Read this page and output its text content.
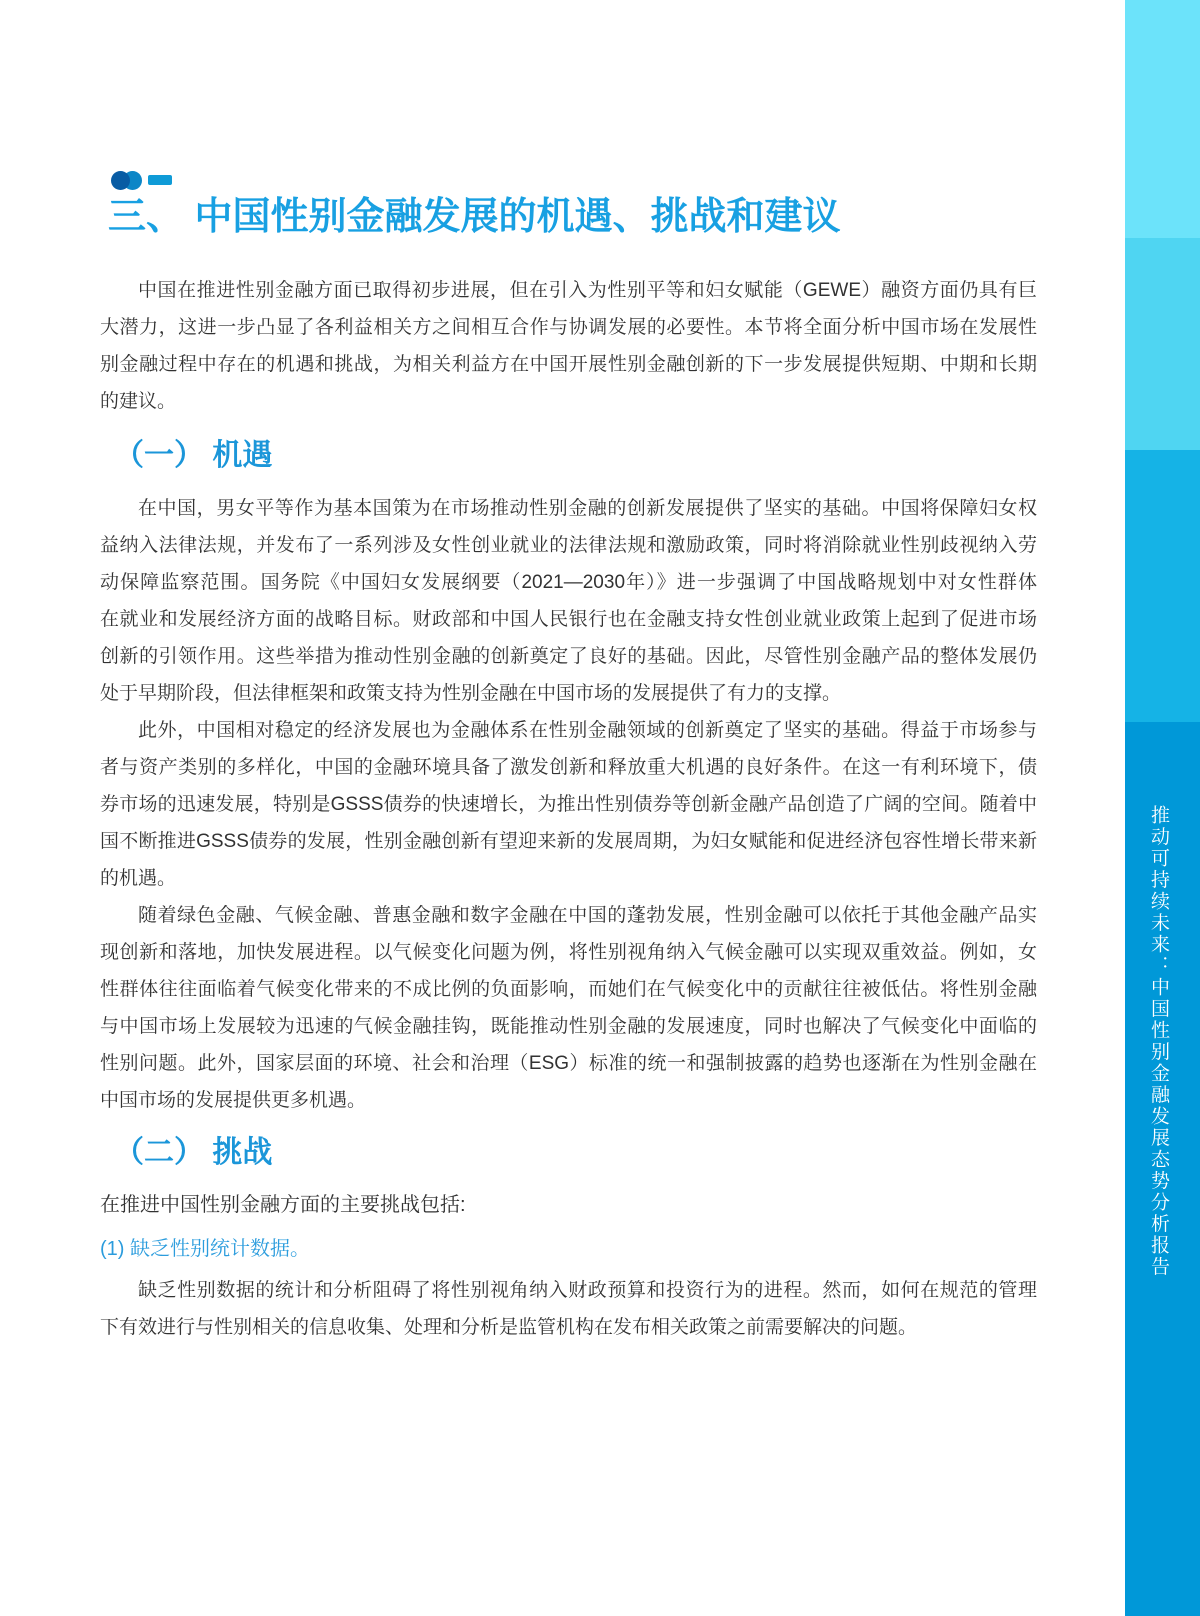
三、 中国性别金融发展的机遇、挑战和建议
中国在推进性别金融方面已取得初步进展，但在引入为性别平等和妇女赋能（GEWE）融资方面仍具有巨
大潜力，这进一步凸显了各利益相关方之间相互合作与协调发展的必要性。本节将全面分析中国市场在发展性
别金融过程中存在的机遇和挑战，为相关利益方在中国开展性别金融创新的下一步发展提供短期、中期和长期
的建议。
（一） 机遇
在中国，男女平等作为基本国策为在市场推动性别金融的创新发展提供了坚实的基础。中国将保障妇女权
益纳入法律法规，并发布了一系列涉及女性创业就业的法律法规和激励政策，同时将消除就业性别歧视纳入劳
动保障监察范围。国务院《中国妇女发展纲要（2021—2030年）》进一步强调了中国战略规划中对女性群体
在就业和发展经济方面的战略目标。财政部和中国人民银行也在金融支持女性创业就业政策上起到了促进市场
创新的引领作用。这些举措为推动性别金融的创新奠定了良好的基础。因此，尽管性别金融产品的整体发展仍
处于早期阶段，但法律框架和政策支持为性别金融在中国市场的发展提供了有力的支撑。
此外，中国相对稳定的经济发展也为金融体系在性别金融领域的创新奠定了坚实的基础。得益于市场参与
者与资产类别的多样化，中国的金融环境具备了激发创新和释放重大机遇的良好条件。在这一有利环境下，债
券市场的迅速发展，特别是GSSS债券的快速增长，为推出性别债券等创新金融产品创造了广阔的空间。随着中
国不断推进GSSS债券的发展，性别金融创新有望迎来新的发展周期，为妇女赋能和促进经济包容性增长带来新
的机遇。
随着绿色金融、气候金融、普惠金融和数字金融在中国的蓬勃发展，性别金融可以依托于其他金融产品实
现创新和落地，加快发展进程。以气候变化问题为例，将性别视角纳入气候金融可以实现双重效益。例如，女
性群体往往面临着气候变化带来的不成比例的负面影响，而她们在气候变化中的贡献往往被低估。将性别金融
与中国市场上发展较为迅速的气候金融挂钩，既能推动性别金融的发展速度，同时也解决了气候变化中面临的
性别问题。此外，国家层面的环境、社会和治理（ESG）标准的统一和强制披露的趋势也逐渐在为性别金融在
中国市场的发展提供更多机遇。
（二） 挑战
在推进中国性别金融方面的主要挑战包括:
(1) 缺乏性别统计数据。
缺乏性别数据的统计和分析阻碍了将性别视角纳入财政预算和投资行为的进程。然而，如何在规范的管理
下有效进行与性别相关的信息收集、处理和分析是监管机构在发布相关政策之前需要解决的问题。
推动可持续未来：中国性别金融发展态势分析报告
